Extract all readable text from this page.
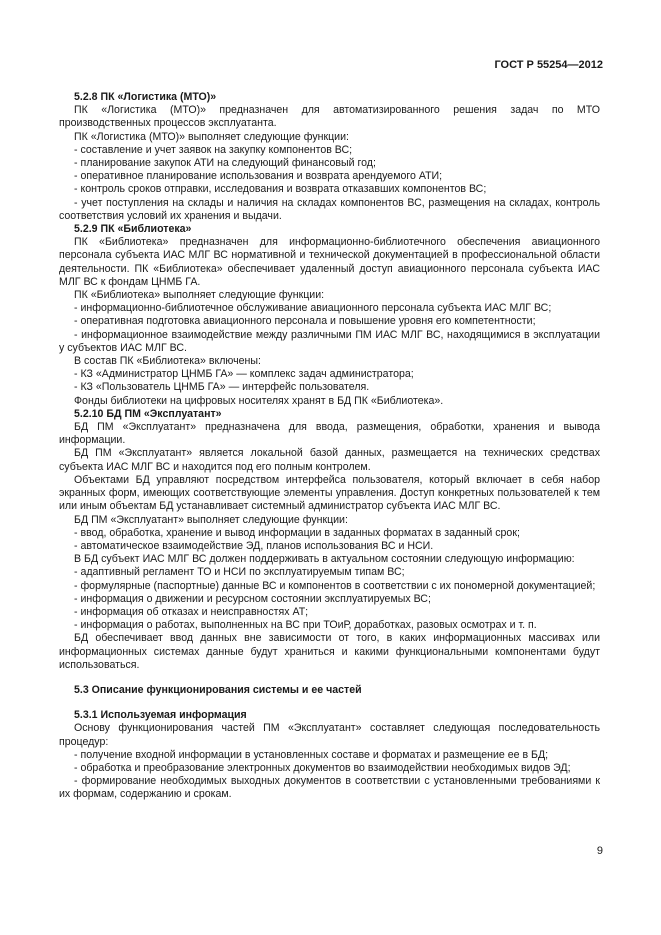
ГОСТ Р 55254—2012

5.2.8 ПК «Логистика (МТО)»

ПК «Логистика (МТО)» предназначен для автоматизированного решения задач по МТО производственных процессов эксплуатанта.

ПК «Логистика (МТО)» выполняет следующие функции:

- составление и учет заявок на закупку компонентов ВС;

- планирование закупок АТИ на следующий финансовый год;

- оперативное планирование использования и возврата арендуемого АТИ;

- контроль сроков отправки, исследования и возврата отказавших компонентов ВС;

- учет поступления на склады и наличия на складах компонентов ВС, размещения на складах, контроль соответствия условий их хранения и выдачи.

5.2.9 ПК «Библиотека»

ПК «Библиотека» предназначен для информационно-библиотечного обеспечения авиационного персонала субъекта ИАС МЛГ ВС нормативной и технической документацией в профессиональной области деятельности. ПК «Библиотека» обеспечивает удаленный доступ авиационного персонала субъекта ИАС МЛГ ВС к фондам ЦНМБ ГА.

ПК «Библиотека» выполняет следующие функции:

- информационно-библиотечное обслуживание авиационного персонала субъекта ИАС МЛГ ВС;

- оперативная подготовка авиационного персонала и повышение уровня его компетентности;

- информационное взаимодействие между различными ПМ ИАС МЛГ ВС, находящимися в эксплуатации у субъектов ИАС МЛГ ВС.

В состав ПК «Библиотека» включены:

- КЗ «Администратор ЦНМБ ГА» — комплекс задач администратора;

- КЗ «Пользователь ЦНМБ ГА» — интерфейс пользователя.

Фонды библиотеки на цифровых носителях хранят в БД ПК «Библиотека».

5.2.10 БД ПМ «Эксплуатант»

БД ПМ «Эксплуатант» предназначена для ввода, размещения, обработки, хранения и вывода информации.

БД ПМ «Эксплуатант» является локальной базой данных, размещается на технических средствах субъекта ИАС МЛГ ВС и находится под его полным контролем.

Объектами БД управляют посредством интерфейса пользователя, который включает в себя набор экранных форм, имеющих соответствующие элементы управления. Доступ конкретных пользователей к тем или иным объектам БД устанавливает системный администратор субъекта ИАС МЛГ ВС.

БД ПМ «Эксплуатант» выполняет следующие функции:

- ввод, обработка, хранение и вывод информации в заданных форматах в заданный срок;

- автоматическое взаимодействие ЭД, планов использования ВС и НСИ.

В БД субъект ИАС МЛГ ВС должен поддерживать в актуальном состоянии следующую информацию:

- адаптивный регламент ТО и НСИ по эксплуатируемым типам ВС;

- формулярные (паспортные) данные ВС и компонентов в соответствии с их пономерной документацией;

- информация о движении и ресурсном состоянии эксплуатируемых ВС;

- информация об отказах и неисправностях АТ;

- информация о работах, выполненных на ВС при ТОиР, доработках, разовых осмотрах и т. п.

БД обеспечивает ввод данных вне зависимости от того, в каких информационных массивах или информационных системах данные будут храниться и какими функциональными компонентами будут использоваться.

5.3 Описание функционирования системы и ее частей

5.3.1 Используемая информация

Основу функционирования частей ПМ «Эксплуатант» составляет следующая последовательность процедур:

- получение входной информации в установленных составе и форматах и размещение ее в БД;

- обработка и преобразование электронных документов во взаимодействии необходимых видов ЭД;

- формирование необходимых выходных документов в соответствии с установленными требованиями к их формам, содержанию и срокам.

9
